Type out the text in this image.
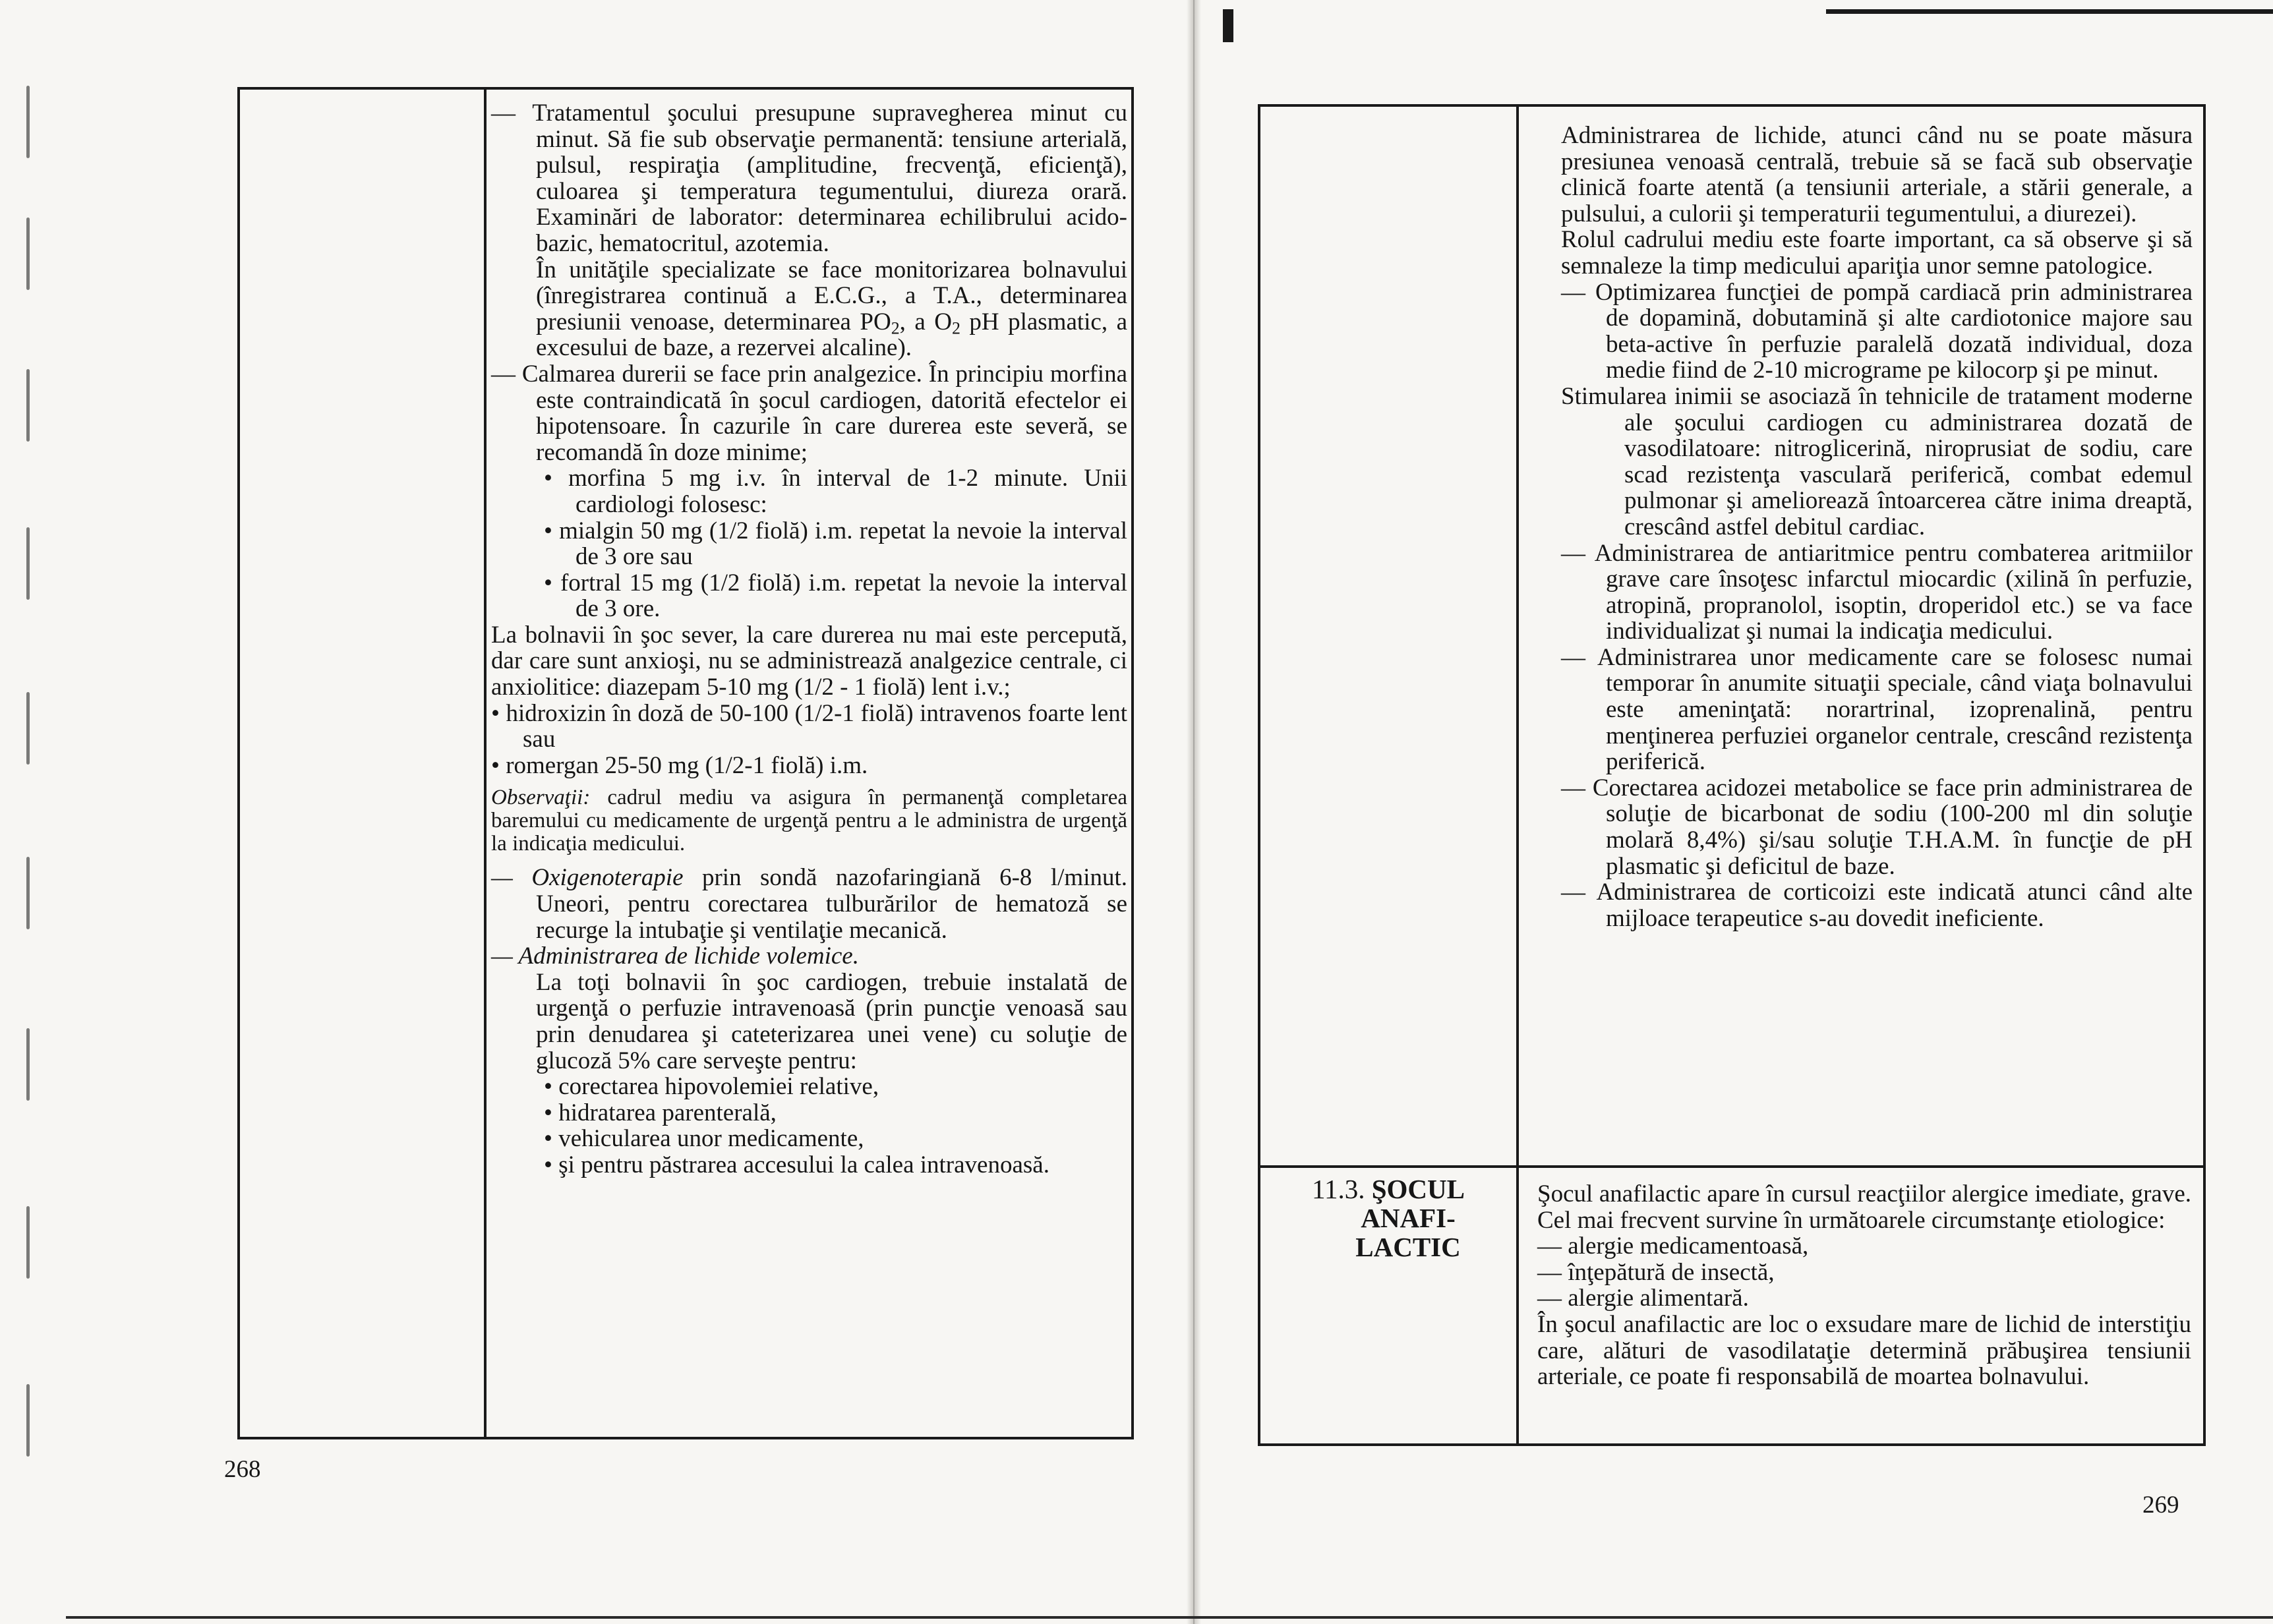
— Tratamentul şocului presupune supravegherea minut cu minut. Să fie sub observaţie permanentă: tensiune arterială, pulsul, respiraţia (amplitudine, frecvenţă, eficienţă), culoarea şi temperatura tegumentului, diureza orară. Examinări de laborator: determinarea echilibrului acido-bazic, hematocritul, azotemia.

În unităţile specializate se face monitorizarea bolnavului (înregistrarea continuă a E.C.G., a T.A., determinarea presiunii venoase, determinarea $PO_2$, a $O_2$ pH plasmatic, a excesului de baze, a rezervei alcaline).

— Calmarea durerii se face prin analgezice. În principiu morfina este contraindicată în şocul cardiogen, datorită efectelor ei hipotensoare. În cazurile în care durerea este severă, se recomandă în doze minime;

• morfina 5 mg i.v. în interval de 1-2 minute. Unii cardiologi folosesc:

• mialgin 50 mg (1/2 fiolă) i.m. repetat la nevoie la interval de 3 ore sau

• fortral 15 mg (1/2 fiolă) i.m. repetat la nevoie la interval de 3 ore.

La bolnavii în şoc sever, la care durerea nu mai este percepută, dar care sunt anxioşi, nu se administrează analgezice centrale, ci anxiolitice: diazepam 5-10 mg (1/2 - 1 fiolă) lent i.v.;

• hidroxizin în doză de 50-100 (1/2-1 fiolă) intravenos foarte lent sau

• romergan 25-50 mg (1/2-1 fiolă) i.m.

Observaţii: cadrul mediu va asigura în permanenţă completarea baremului cu medicamente de urgenţă pentru a le administra de urgenţă la indicaţia medicului.

— Oxigenoterapie prin sondă nazofaringiană 6-8 l/minut. Uneori, pentru corectarea tulburărilor de hematoză se recurge la intubaţie şi ventilaţie mecanică.

— Administrarea de lichide volemice.

La toţi bolnavii în şoc cardiogen, trebuie instalată de urgenţă o perfuzie intravenoasă (prin puncţie venoasă sau prin denudarea şi cateterizarea unei vene) cu soluţie de glucoză 5% care serveşte pentru:

• corectarea hipovolemiei relative,

• hidratarea parenterală,

• vehicularea unor medicamente,

• şi pentru păstrarea accesului la calea intravenoasă.

268

Administrarea de lichide, atunci când nu se poate măsura presiunea venoasă centrală, trebuie să se facă sub observaţie clinică foarte atentă (a tensiunii arteriale, a stării generale, a pulsului, a culorii şi temperaturii tegumentului, a diurezei).

Rolul cadrului mediu este foarte important, ca să observe şi să semnaleze la timp medicului apariţia unor semne patologice.

— Optimizarea funcţiei de pompă cardiacă prin administrarea de dopamină, dobutamină şi alte cardiotonice majore sau beta-active în perfuzie paralelă dozată individual, doza medie fiind de 2-10 micrograme pe kilocorp şi pe minut.

Stimularea inimii se asociază în tehnicile de tratament moderne ale şocului cardiogen cu administrarea dozată de vasodilatoare: nitroglicerină, niroprusiat de sodiu, care scad rezistenţa vasculară periferică, combat edemul pulmonar şi ameliorează întoarcerea către inima dreaptă, crescând astfel debitul cardiac.

— Administrarea de antiaritmice pentru combaterea aritmiilor grave care însoţesc infarctul miocardic (xilină în perfuzie, atropină, propranolol, isoptin, droperidol etc.) se va face individualizat şi numai la indicaţia medicului.

— Administrarea unor medicamente care se folosesc numai temporar în anumite situaţii speciale, când viaţa bolnavului este ameninţată: norartrinal, izoprenalină, pentru menţinerea perfuziei organelor centrale, crescând rezistenţa periferică.

— Corectarea acidozei metabolice se face prin administrarea de soluţie de bicarbonat de sodiu (100-200 ml din soluţie molară 8,4%) şi/sau soluţie T.H.A.M. în funcţie de pH plasmatic şi deficitul de baze.

— Administrarea de corticoizi este indicată atunci când alte mijloace terapeutice s-au dovedit ineficiente.

11.3. ŞOCUL
ANAFI-
LACTIC

Şocul anafilactic apare în cursul reacţiilor alergice imediate, grave. Cel mai frecvent survine în următoarele circumstanţe etiologice:

— alergie medicamentoasă,

— înţepătură de insectă,

— alergie alimentară.

În şocul anafilactic are loc o exsudare mare de lichid de interstiţiu care, alături de vasodilataţie determină prăbuşirea tensiunii arteriale, ce poate fi responsabilă de moartea bolnavului.

269
